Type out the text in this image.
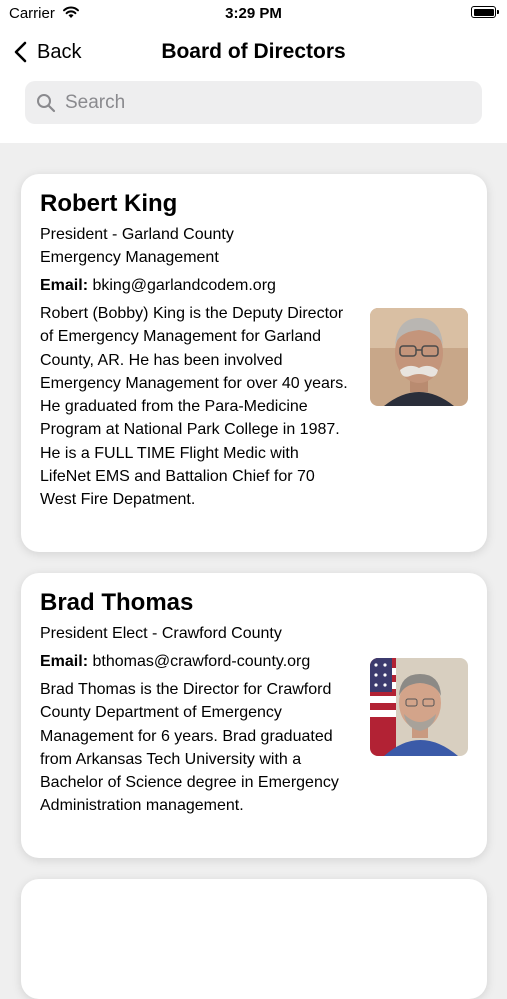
Carrier	3:29 PM
Back	Board of Directors
Search
Robert King
President - Garland County Emergency Management
Email: bking@garlandcodem.org
Robert (Bobby) King is the Deputy Director of Emergency Management for Garland County, AR. He has been involved Emergency Management for over 40 years. He graduated from the Para-Medicine Program at National Park College in 1987. He is a FULL TIME Flight Medic with LifeNet EMS and Battalion Chief for 70 West Fire Depatment.
Brad Thomas
President Elect - Crawford County
Email: bthomas@crawford-county.org
Brad Thomas is the Director for Crawford County Department of Emergency Management for 6 years. Brad graduated from Arkansas Tech University with a Bachelor of Science degree in Emergency Administration management.
